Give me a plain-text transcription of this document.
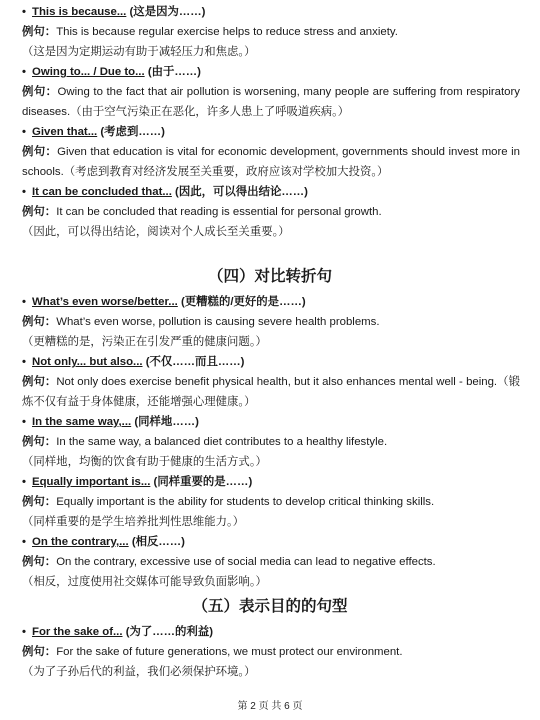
• This is because... (这是因为……)
例句：This is because regular exercise helps to reduce stress and anxiety.
（这是因为定期运动有助于减轻压力和焦虑。）
• Owing to... / Due to... (由于……)
例句：Owing to the fact that air pollution is worsening, many people are suffering from respiratory diseases.（由于空气污染正在恶化，许多人患上了呼吸道疾病。）
• Given that... (考虑到……)
例句：Given that education is vital for economic development, governments should invest more in schools.（考虑到教育对经济发展至关重要，政府应该对学校加大投资。）
• It can be concluded that... (因此，可以得出结论……)
例句：It can be concluded that reading is essential for personal growth.
（因此，可以得出结论，阅读对个人成长至关重要。）
（四）对比转折句
• What’s even worse/better... (更糟糕的/更好的是……)
例句：What’s even worse, pollution is causing severe health problems.
（更糟糕的是，污染正在引发严重的健康问题。）
• Not only... but also... (不仅……而且……)
例句：Not only does exercise benefit physical health, but it also enhances mental well - being.（锻炼不仅有益于身体健康，还能增强心理健康。）
• In the same way,... (同样地……)
例句：In the same way, a balanced diet contributes to a healthy lifestyle.
（同样地，均衡的饮食有助于健康的生活方式。）
• Equally important is... (同样重要的是……)
例句：Equally important is the ability for students to develop critical thinking skills.
（同样重要的是学生培养批判性思维能力。）
• On the contrary,... (相反……)
例句：On the contrary, excessive use of social media can lead to negative effects.
（相反，过度使用社交媒体可能导致负面影响。）
（五）表示目的的句型
• For the sake of... (为了……的利益)
例句：For the sake of future generations, we must protect our environment.
（为了子孙后代的利益，我们必须保护环境。）
第 2 页 共 6 页
